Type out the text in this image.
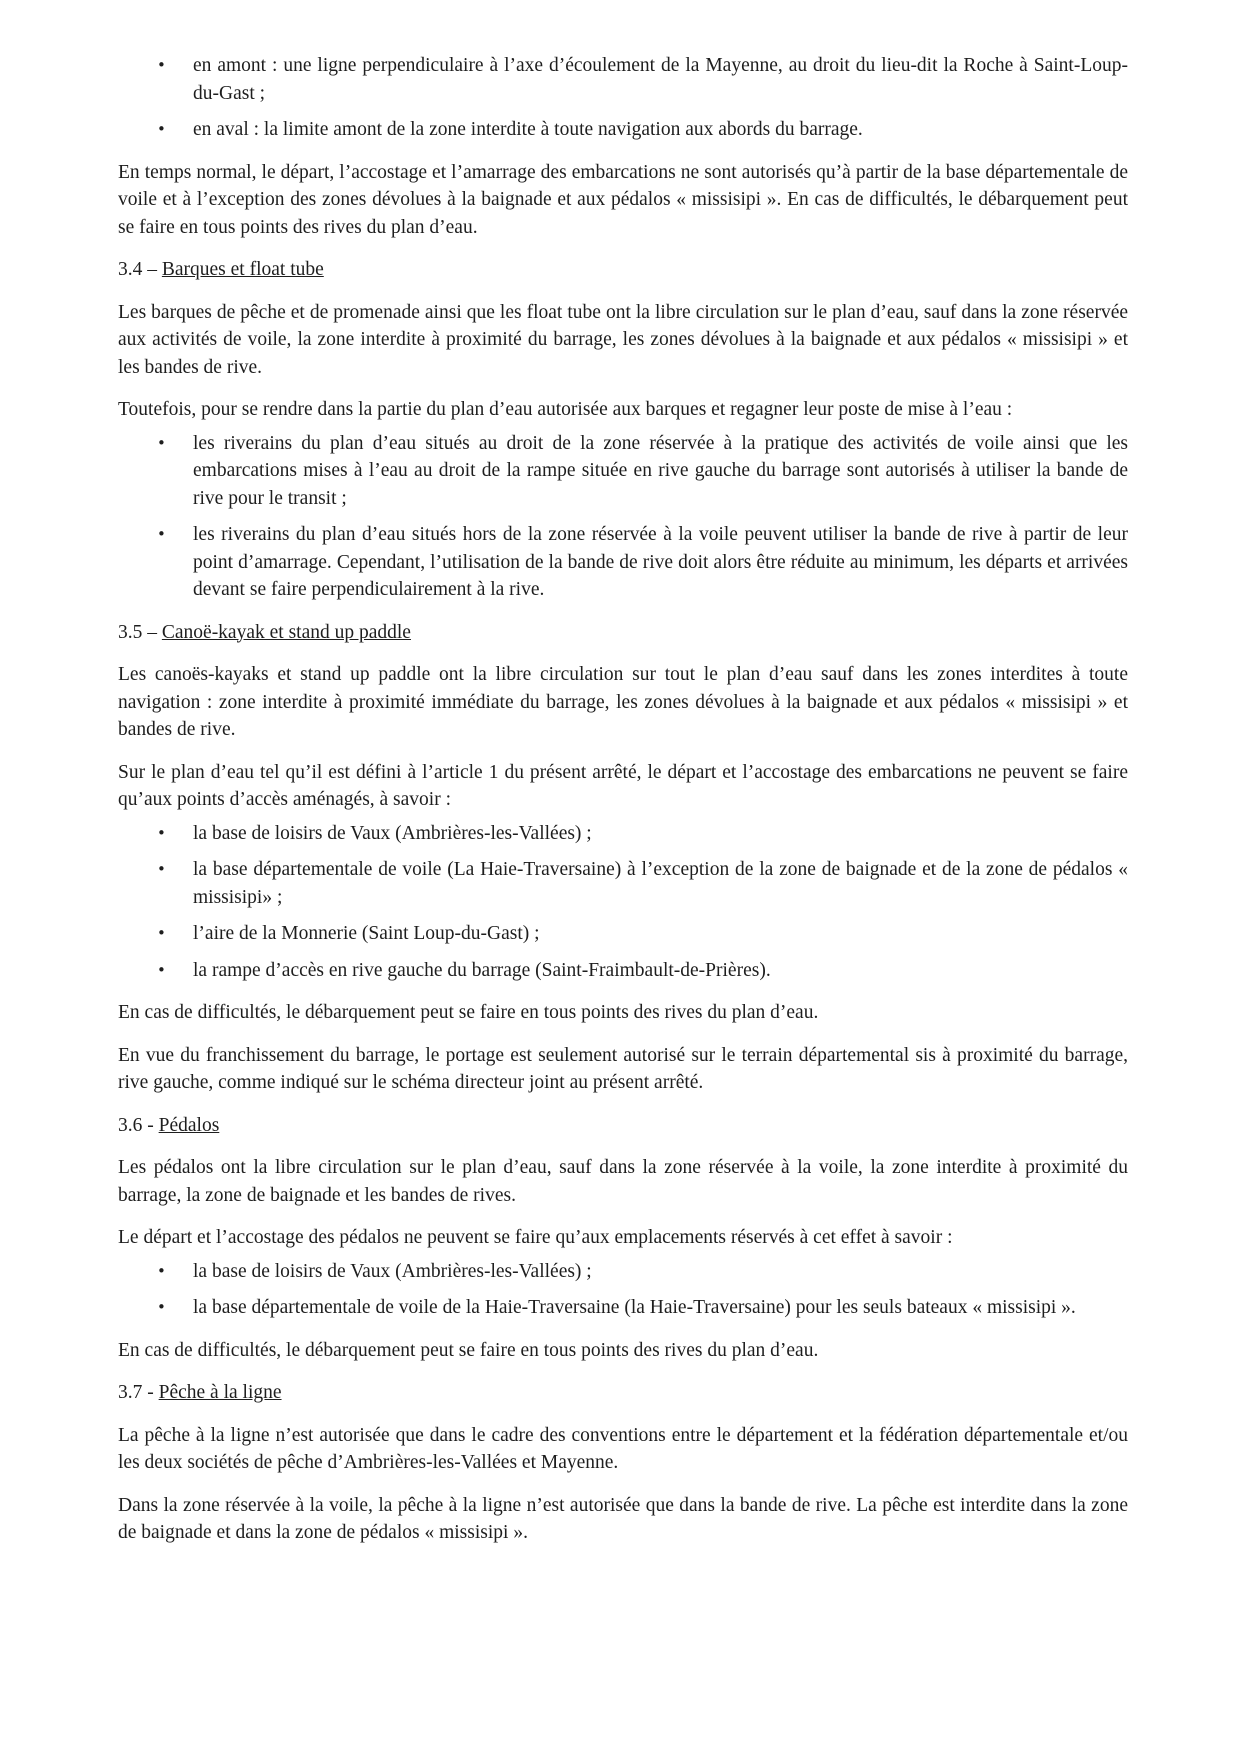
•
en amont : une ligne perpendiculaire à l’axe d’écoulement de la Mayenne, au droit du lieu-dit la Roche à Saint-Loup-du-Gast ;
•
en aval : la limite amont de la zone interdite à toute navigation aux abords du barrage.

En temps normal, le départ, l’accostage et l’amarrage des embarcations ne sont autorisés qu’à partir de la base départementale de voile et à l’exception des zones dévolues à la baignade et aux pédalos « missisipi ». En cas de difficultés, le débarquement peut se faire en tous points des rives du plan d’eau.

3.4 – Barques et float tube

Les barques de pêche et de promenade ainsi que les float tube ont la libre circulation sur le plan d’eau, sauf dans la zone réservée aux activités de voile, la zone interdite à proximité du barrage, les zones dévolues à la baignade et aux pédalos « missisipi » et les bandes de rive.

Toutefois, pour se rendre dans la partie du plan d’eau autorisée aux barques et regagner leur poste de mise à l’eau :

•
les riverains du plan d’eau situés au droit de la zone réservée à la pratique des activités de voile ainsi que les embarcations mises à l’eau au droit de la rampe située en rive gauche du barrage sont autorisés à utiliser la bande de rive pour le transit ;
•
les riverains du plan d’eau situés hors de la zone réservée à la voile peuvent utiliser la bande de rive à partir de leur point d’amarrage. Cependant, l’utilisation de la bande de rive doit alors être réduite au minimum, les départs et arrivées devant se faire perpendiculairement à la rive.

3.5 – Canoë-kayak et stand up paddle

Les canoës-kayaks et stand up paddle ont la libre circulation sur tout le plan d’eau sauf dans les zones interdites à toute navigation : zone interdite à proximité immédiate du barrage, les zones dévolues à la baignade et aux pédalos « missisipi » et bandes de rive.

Sur le plan d’eau tel qu’il est défini à l’article 1 du présent arrêté, le départ et l’accostage des embarcations ne peuvent se faire qu’aux points d’accès aménagés, à savoir :

•
la base de loisirs de Vaux (Ambrières-les-Vallées) ;
•
la base départementale de voile (La Haie-Traversaine) à l’exception de la zone de baignade et de la zone de pédalos « missisipi» ;
•
l’aire de la Monnerie (Saint Loup-du-Gast) ;
•
la rampe d’accès en rive gauche du barrage (Saint-Fraimbault-de-Prières).

En cas de difficultés, le débarquement peut se faire en tous points des rives du plan d’eau.

En vue du franchissement du barrage, le portage est seulement autorisé sur le terrain départemental sis à proximité du barrage, rive gauche, comme indiqué sur le schéma directeur joint au présent arrêté.

3.6 - Pédalos

Les pédalos ont la libre circulation sur le plan d’eau, sauf dans la zone réservée à la voile, la zone interdite à proximité du barrage, la zone de baignade et les bandes de rives.

Le départ et l’accostage des pédalos ne peuvent se faire qu’aux emplacements réservés à cet effet à savoir :

•
la base de loisirs de Vaux (Ambrières-les-Vallées) ;
•
la base départementale de voile de la Haie-Traversaine (la Haie-Traversaine) pour les seuls bateaux « missisipi ».

En cas de difficultés, le débarquement peut se faire en tous points des rives du plan d’eau.

3.7 - Pêche à la ligne

La pêche à la ligne n’est autorisée que dans le cadre des conventions entre le département et la fédération départementale et/ou les deux sociétés de pêche d’Ambrières-les-Vallées et Mayenne.

Dans la zone réservée à la voile, la pêche à la ligne n’est autorisée que dans la bande de rive. La pêche est interdite dans la zone de baignade et dans la zone de pédalos « missisipi ».
